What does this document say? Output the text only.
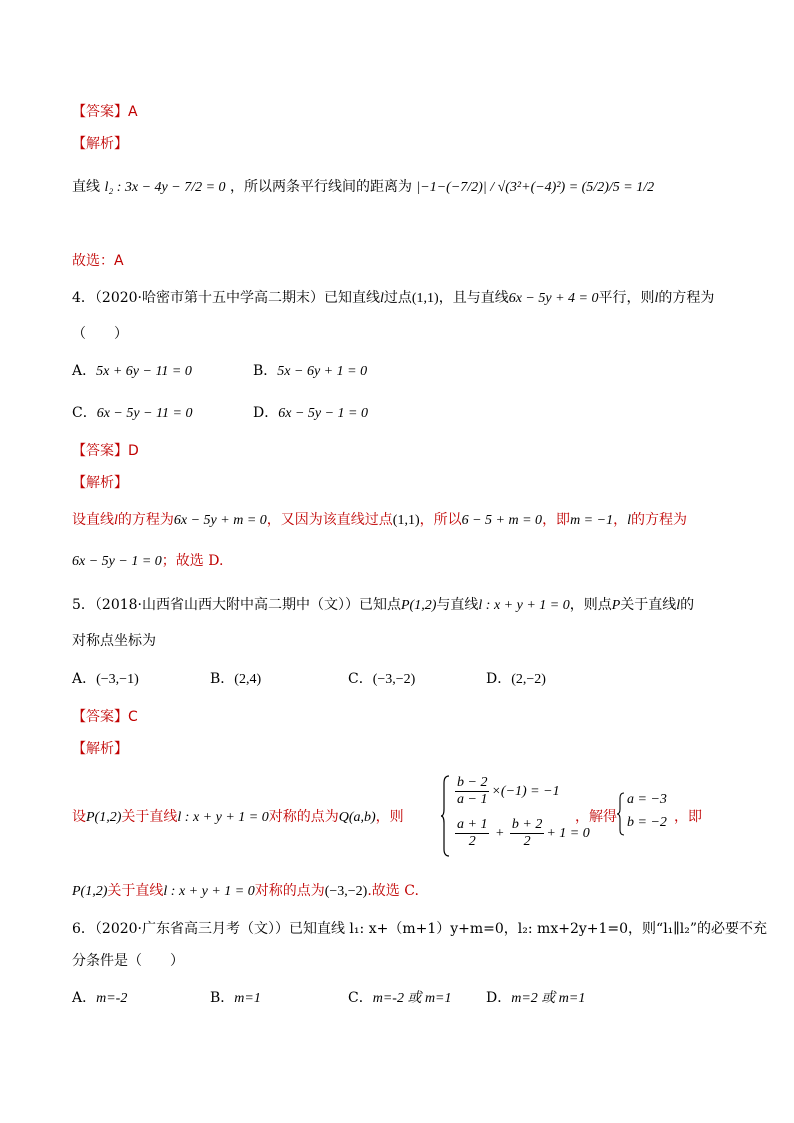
【答案】A
【解析】
直线 l₂ : 3x − 4y − 7/2 = 0 ，所以两条平行线间的距离为 |−1−(−7/2)| / √(3²+(−4)²) = (5/2)/5 = 1/2
故选：A
4．（2020·哈密市第十五中学高二期末）已知直线l过点(1,1)，且与直线6x − 5y + 4 = 0平行，则l的方程为
（　　）
A．5x + 6y − 11 = 0	B．5x − 6y + 1 = 0
C．6x − 5y − 11 = 0	D．6x − 5y − 1 = 0
【答案】D
【解析】
设直线l的方程为6x − 5y + m = 0，又因为该直线过点(1,1)，所以6 − 5 + m = 0，即m = −1，l的方程为
6x − 5y − 1 = 0；故选 D.
5．（2018·山西省山西大附中高二期中（文））已知点P(1,2)与直线l : x + y + 1 = 0，则点P关于直线l的
对称点坐标为
A．(−3,−1)	B．(2,4)	C．(−3,−2)	D．(2,−2)
【答案】C
【解析】
设P(1,2)关于直线l : x + y + 1 = 0对称的点为Q(a,b)，则
$\frac{b - 2}{a - 1} \times(-1) = -1$
$\frac{a + 1}{2} + \frac{b + 2}{2} + 1 = 0$
，解得
a = −3
b = −2 ，即
P(1,2)关于直线l : x + y + 1 = 0对称的点为(−3,−2).故选 C.
6．（2020·广东省高三月考（文））已知直线 l₁: x+（m+1）y+m=0，l₂: mx+2y+1=0，则“l₁∥l₂”的必要不充
分条件是（　　）
A．m=-2	B．m=1	C．m=-2 或 m=1 D．m=2 或 m=1
